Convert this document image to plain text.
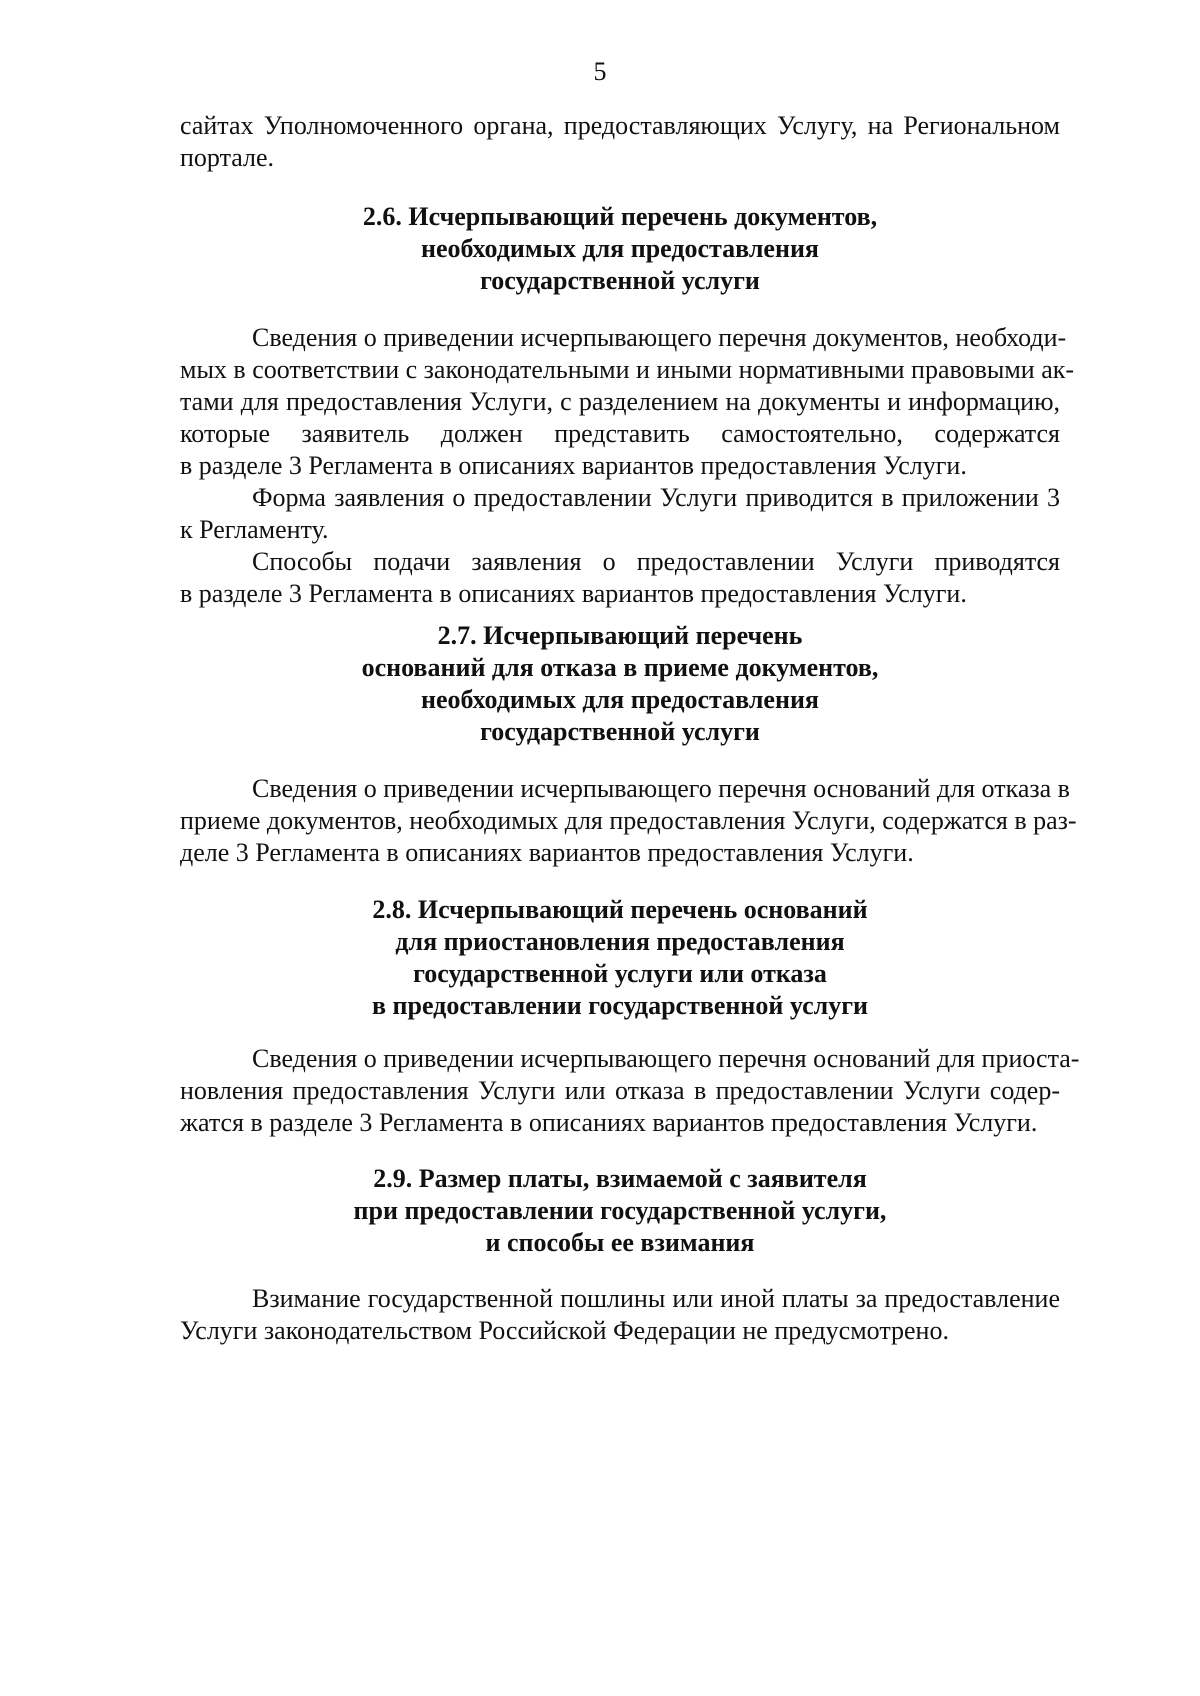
5
сайтах Уполномоченного органа, предоставляющих Услугу, на Региональном
портале.
2.6. Исчерпывающий перечень документов,
необходимых для предоставления
государственной услуги
Сведения о приведении исчерпывающего перечня документов, необходи-
мых в соответствии с законодательными и иными нормативными правовыми ак-
тами для предоставления Услуги, с разделением на документы и информацию,
которые заявитель должен представить самостоятельно, содержатся
в разделе 3 Регламента в описаниях вариантов предоставления Услуги.
Форма заявления о предоставлении Услуги приводится в приложении 3
к Регламенту.
Способы подачи заявления о предоставлении Услуги приводятся
в разделе 3 Регламента в описаниях вариантов предоставления Услуги.
2.7. Исчерпывающий перечень
оснований для отказа в приеме документов,
необходимых для предоставления
государственной услуги
Сведения о приведении исчерпывающего перечня оснований для отказа в
приеме документов, необходимых для предоставления Услуги, содержатся в раз-
деле 3 Регламента в описаниях вариантов предоставления Услуги.
2.8. Исчерпывающий перечень оснований
для приостановления предоставления
государственной услуги или отказа
в предоставлении государственной услуги
Сведения о приведении исчерпывающего перечня оснований для приоста-
новления предоставления Услуги или отказа в предоставлении Услуги содер-
жатся в разделе 3 Регламента в описаниях вариантов предоставления Услуги.
2.9. Размер платы, взимаемой с заявителя
при предоставлении государственной услуги,
и способы ее взимания
Взимание государственной пошлины или иной платы за предоставление
Услуги законодательством Российской Федерации не предусмотрено.
